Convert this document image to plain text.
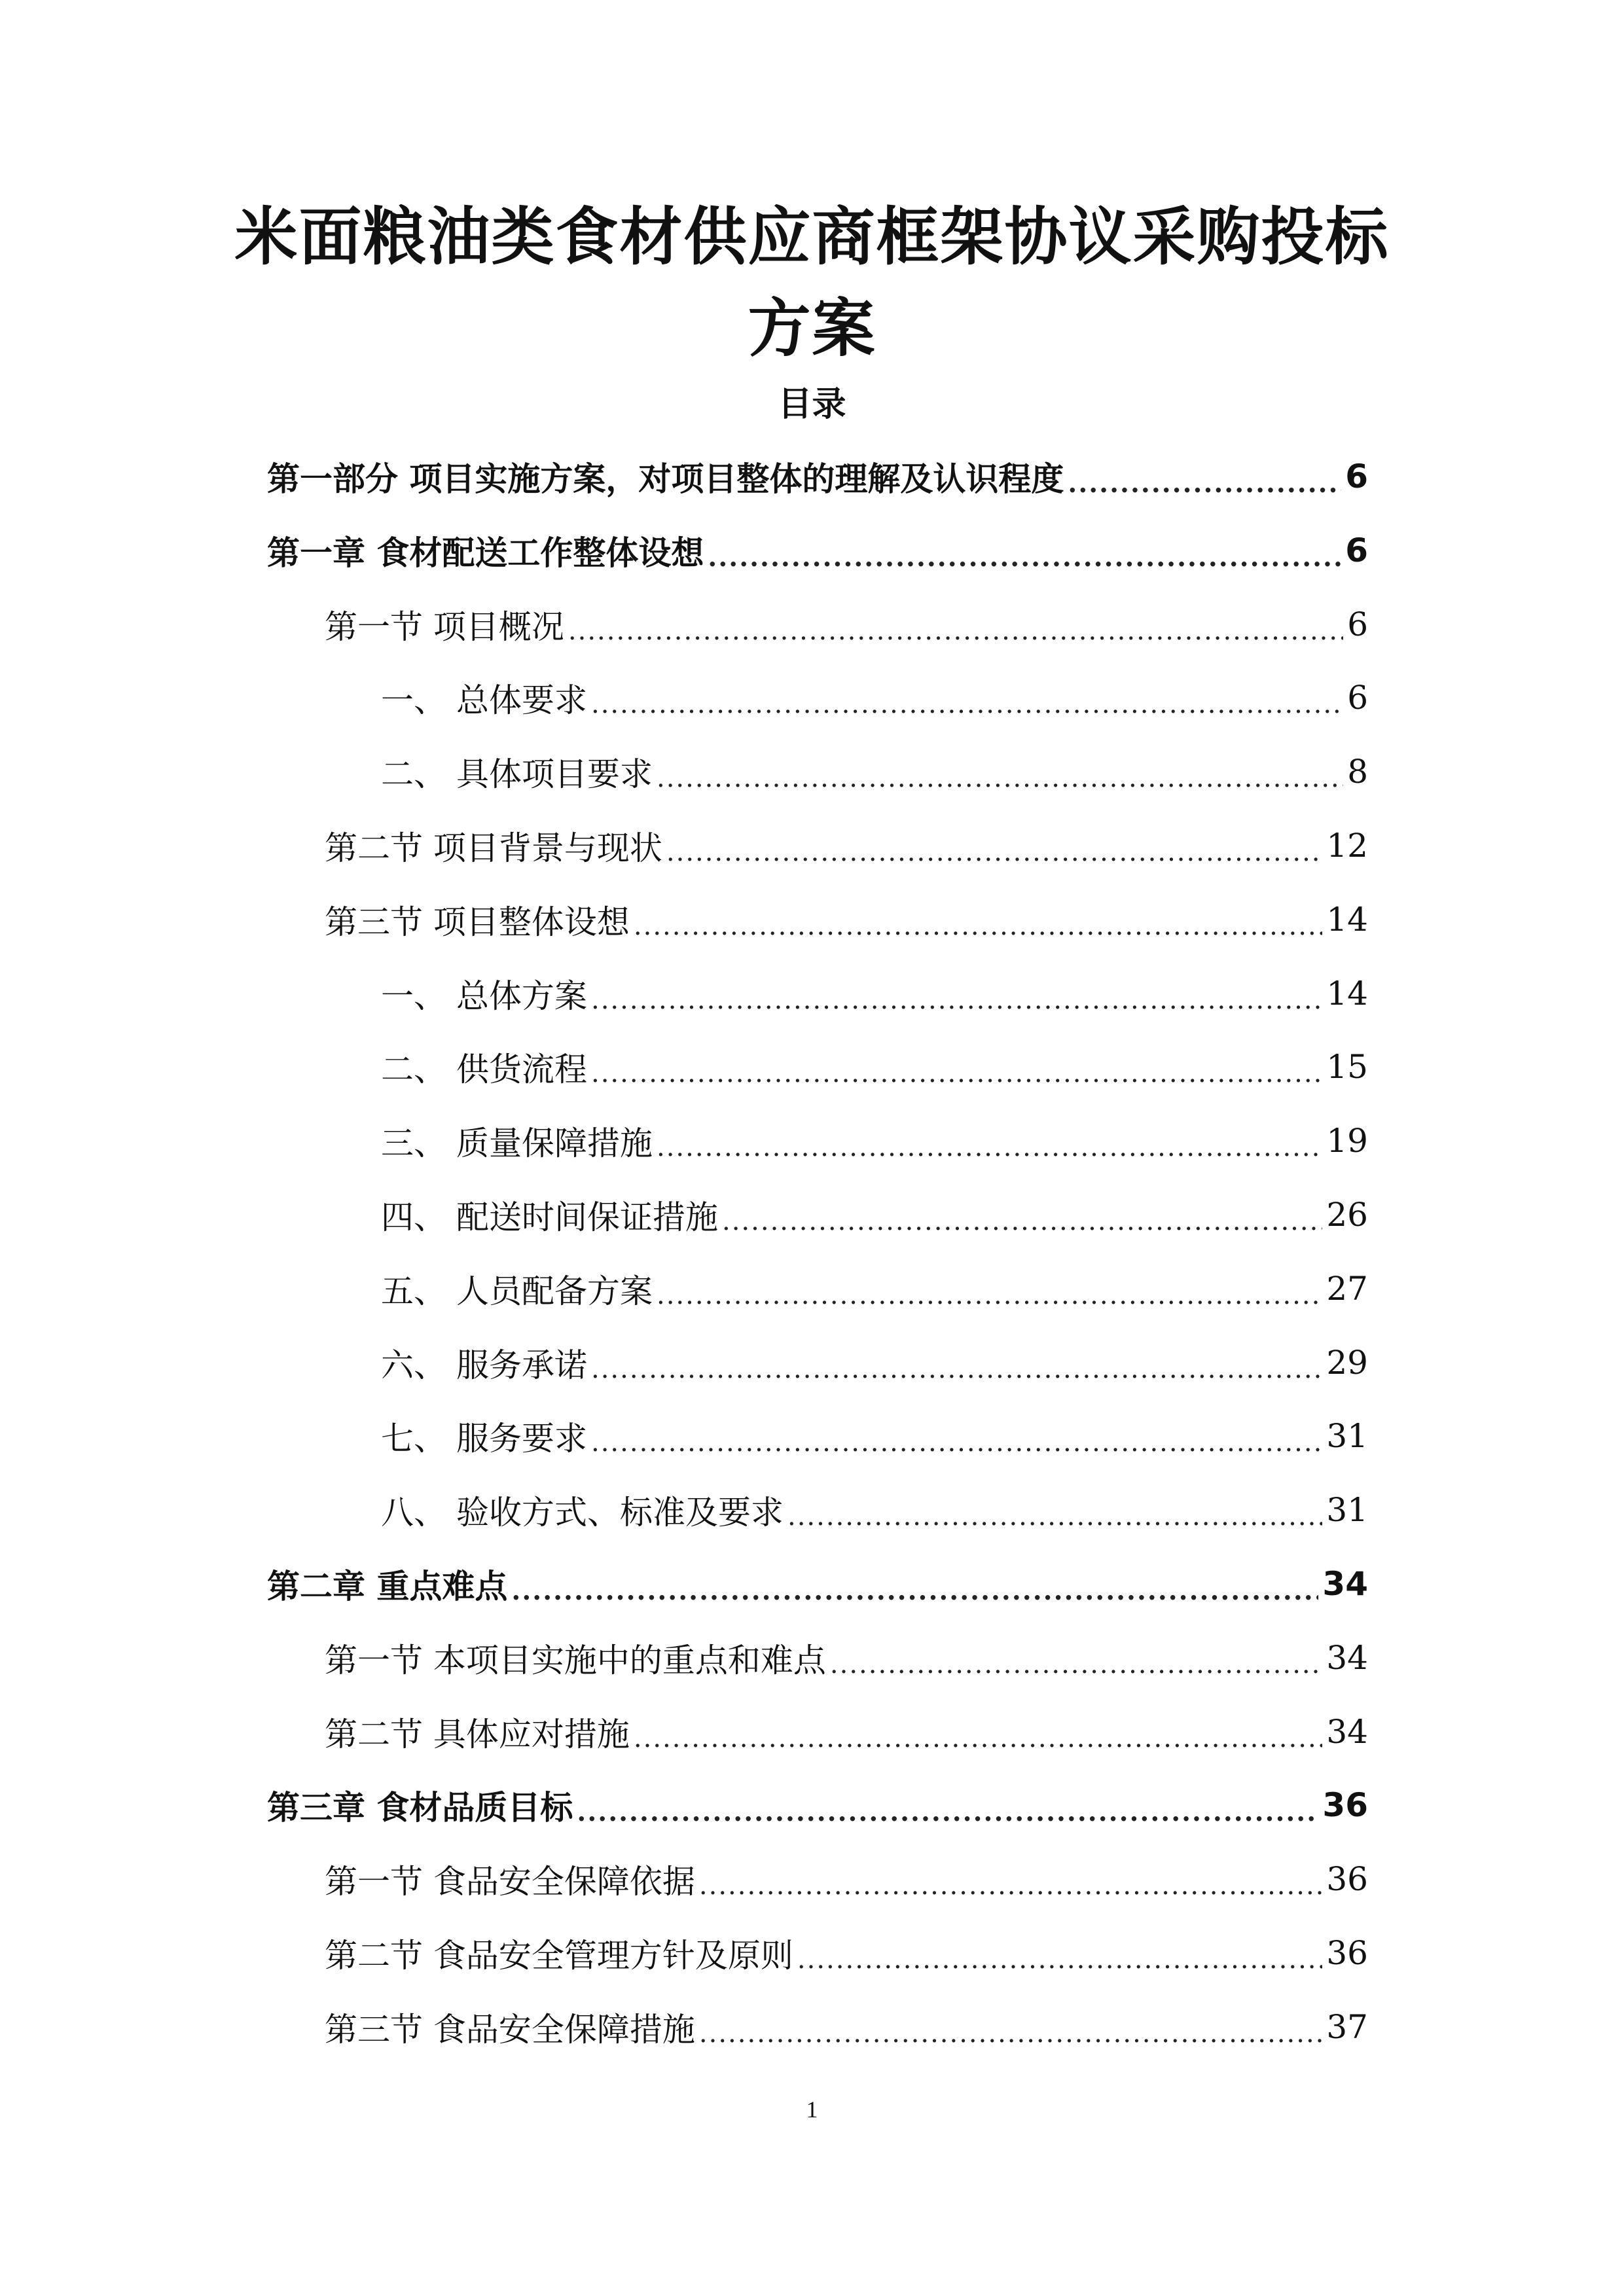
米面粮油类食材供应商框架协议采购投标
方案
目录
第一部分 项目实施方案，对项目整体的理解及认识程度 .....	6
第一章 食材配送工作整体设想 .....	6
第一节 项目概况 .....	6
一、 总体要求 .....	6
二、 具体项目要求 .....	8
第二节 项目背景与现状 .....	12
第三节 项目整体设想 .....	14
一、 总体方案 .....	14
二、 供货流程 .....	15
三、 质量保障措施 .....	19
四、 配送时间保证措施 .....	26
五、 人员配备方案 .....	27
六、 服务承诺 .....	29
七、 服务要求 .....	31
八、 验收方式、标准及要求 .....	31
第二章 重点难点 .....	34
第一节 本项目实施中的重点和难点 .....	34
第二节 具体应对措施 .....	34
第三章 食材品质目标 .....	36
第一节 食品安全保障依据 .....	36
第二节 食品安全管理方针及原则 .....	36
第三节 食品安全保障措施 .....	37
1
